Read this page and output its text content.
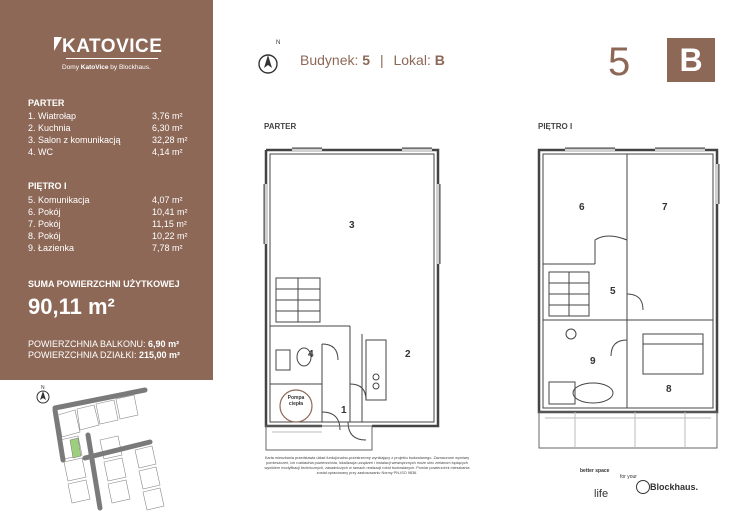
KATOVICE
Domy KatoVice by Blockhaus.
PARTER
1. Wiatrołap	3,76 m²
2. Kuchnia	6,30 m²
3. Salon z komunikacją	32,28 m²
4. WC	4,14 m²
PIĘTRO I
5. Komunikacja	4,07 m²
6. Pokój	10,41 m²
7. Pokój	11,15 m²
8. Pokój	10,22 m²
9. Łazienka	7,78 m²
SUMA POWIERZCHNI UŻYTKOWEJ
90,11 m²
POWIERZCHNIA BALKONU: 6,90 m²
POWIERZCHNIA DZIAŁKI: 215,00 m²
N
N
Budynek: 5 | Lokal: B	5	B
PARTER	PIĘTRO I
3
4	2
1
Pompa
ciepła
6	7
5
9
8
Karta mieszkania przedstawia układ funkcjonalno-przestrzenny wynikający z projektu budowlanego. Zaznaczone wymiary pomieszczeń, ich rozkładnia powierzchnia, lokalizacja urządzeń i instalacji wewnętrznych może ulec zmianom będących wynikiem modyfikacji technicznych, zasadniczych w ramach realizacji robót budowlanych. Pomiar powierzchni mieszkania został opracowany przy zastosowaniu Normy PN-ISO 9836.	better space
for your
life
Blockhaus.
